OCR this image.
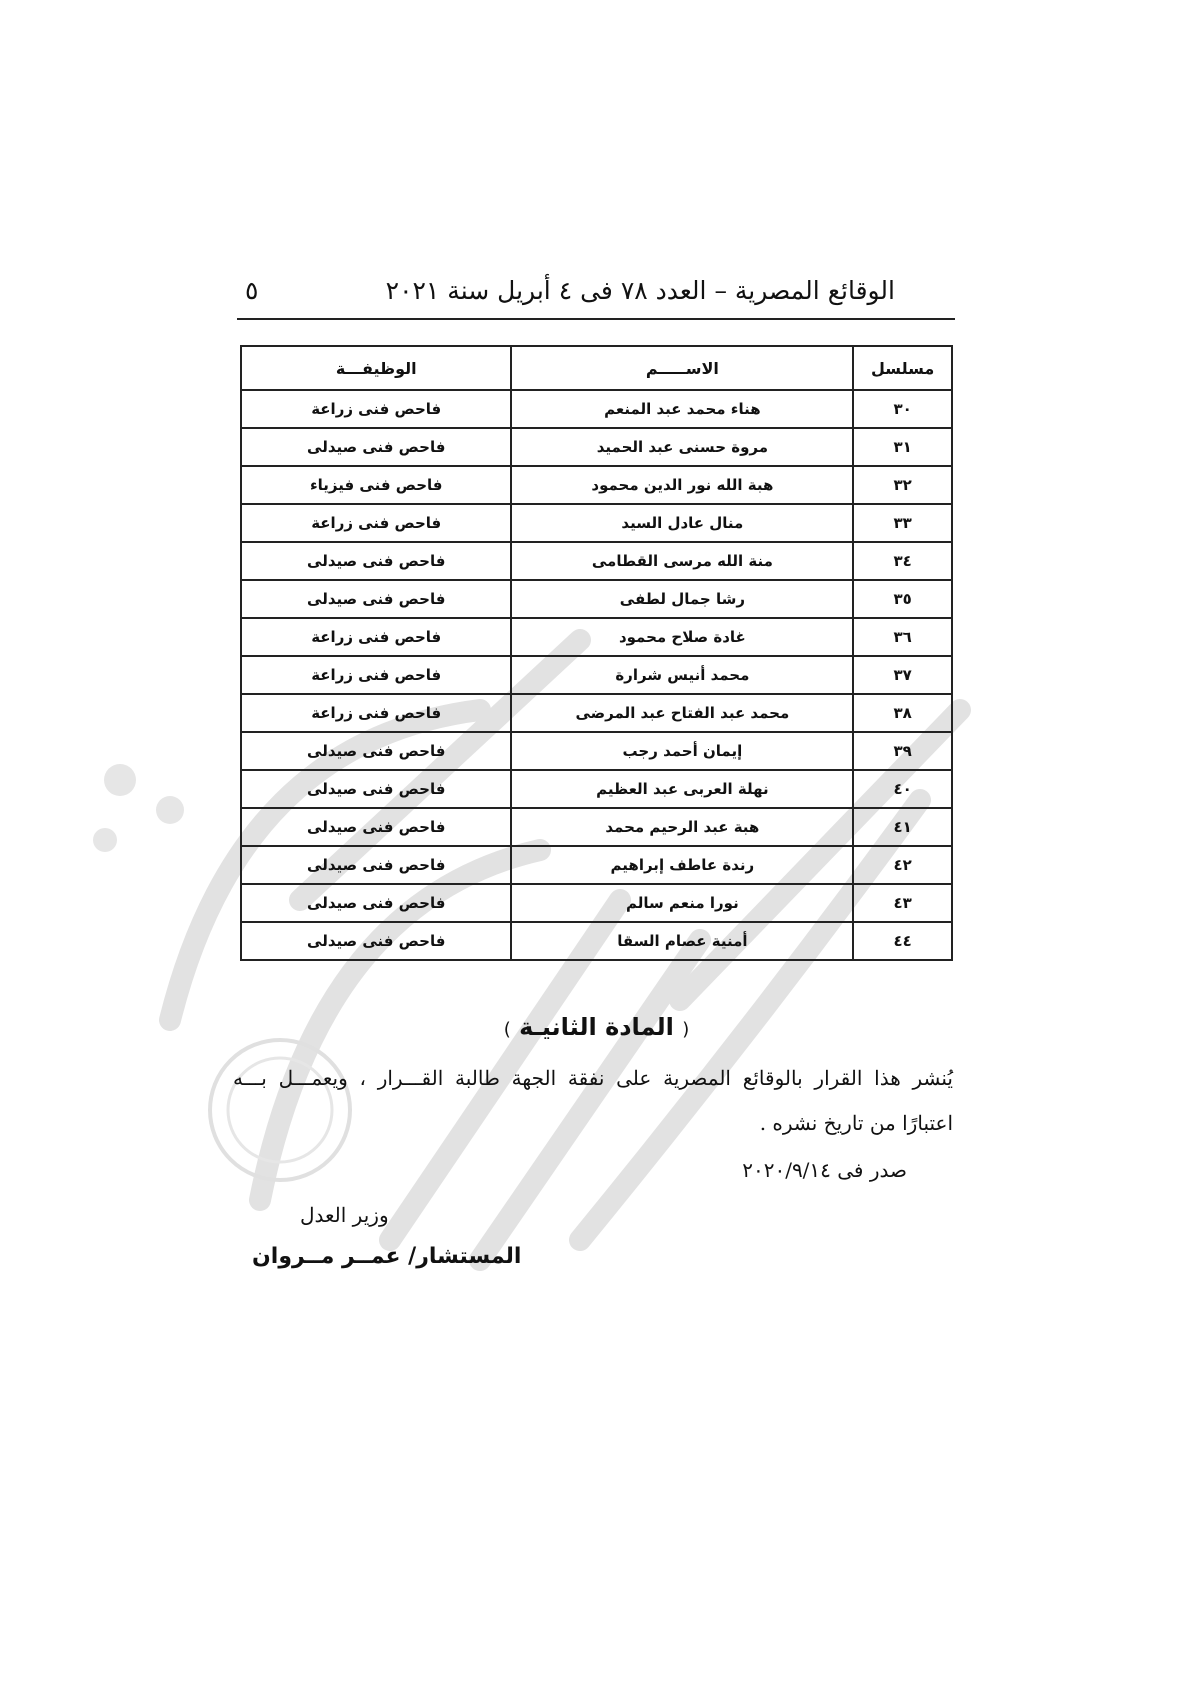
الوقائع المصرية – العدد ٧٨ فى ٤ أبريل سنة ٢٠٢١
٥
مسلسل	الاســـــم	الوظيفـــة
٣٠	هناء محمد عبد المنعم	فاحص فنى زراعة
٣١	مروة حسنى عبد الحميد	فاحص فنى صيدلى
٣٢	هبة الله نور الدين محمود	فاحص فنى فيزياء
٣٣	منال عادل السيد	فاحص فنى زراعة
٣٤	منة الله مرسى القطامى	فاحص فنى صيدلى
٣٥	رشا جمال لطفى	فاحص فنى صيدلى
٣٦	غادة صلاح محمود	فاحص فنى زراعة
٣٧	محمد أنيس شرارة	فاحص فنى زراعة
٣٨	محمد عبد الفتاح عبد المرضى	فاحص فنى زراعة
٣٩	إيمان أحمد رجب	فاحص فنى صيدلى
٤٠	نهلة العربى عبد العظيم	فاحص فنى صيدلى
٤١	هبة عبد الرحيم محمد	فاحص فنى صيدلى
٤٢	رندة عاطف إبراهيم	فاحص فنى صيدلى
٤٣	نورا منعم سالم	فاحص فنى صيدلى
٤٤	أمنية عصام السقا	فاحص فنى صيدلى
( المادة الثانيـة )
يُنشر هذا القرار بالوقائع المصرية على نفقة الجهة طالبة القـــرار ، ويعمـــل بـــه
اعتبارًا من تاريخ نشره .
صدر فى ٢٠٢٠/٩/١٤
وزير العدل
المستشار/ عمــر مــروان
